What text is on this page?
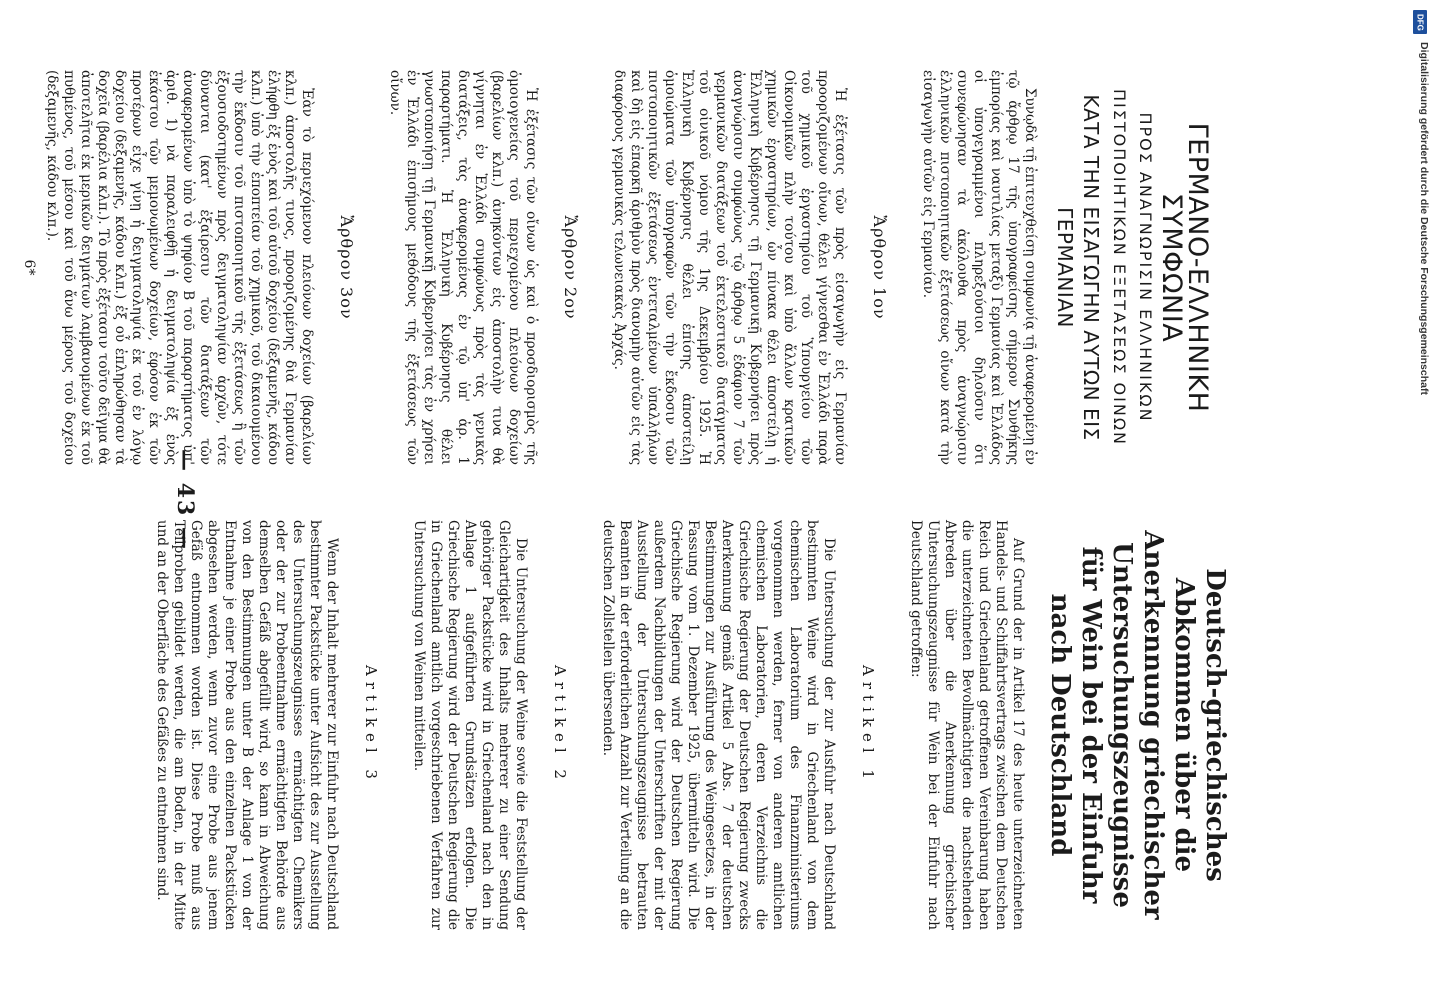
— 43 —
ΓΕΡΜΑΝΟ-ΕΛΛΗΝΙΚΗ ΣΥΜΦΩΝΙΑ
ΠΡΟΣ ΑΝΑΓΝΩΡΙΣΙΝ ΕΛΛΗΝΙΚΩΝ ΠΙΣΤΟΠΟΙΗΤΙΚΩΝ ΕΞΕΤΑΣΕΩΣ ΟΙΝΩΝ
ΚΑΤΑ ΤΗΝ ΕΙΣΑΓΩΓΗΝ ΑΥΤΩΝ ΕΙΣ ΓΕΡΜΑΝΙΑΝ

Συνῳδὰ τῇ ἐπιτευχθείσῃ συμφωνίᾳ τῇ ἀναφερομένῃ ἐν τῷ ἄρθρῳ 17 τῆς ὑπογραφείσης σήμερον Συνθήκης ἐμπορίας καὶ ναυτιλίας μεταξὺ Γερμανίας καὶ Ἑλλάδος οἱ ὑπογεγραμμένοι πληρεξούσιοι δηλοῦσιν ὅτι συνεφώνησαν τὰ ἀκόλουθα πρὸς ἀναγνώρισιν ἑλληνικῶν πιστοποιητικῶν ἐξετάσεως οἴνων κατὰ τὴν εἰσαγωγὴν αὐτῶν εἰς Γερμανίαν.

Ἄρθρον 1ον

Ἡ ἐξέτασις τῶν πρὸς εἰσαγωγὴν εἰς Γερμανίαν προοριζομένων οἴνων, θέλει γίγνεσθαι ἐν Ἑλλάδι παρὰ τοῦ χημικοῦ ἐργαστηρίου τοῦ Ὑπουργείου τῶν Οἰκονομικῶν πλὴν τούτου καὶ ὑπὸ ἄλλων κρατικῶν χημικῶν ἐργαστηρίων, ὧν πίνακα θέλει ἀποστείλῃ ἡ Ἑλληνικὴ Κυβέρνησις τῇ Γερμανικῇ Κυβερνήσει πρὸς ἀναγνώρισιν συμφώνως τῷ ἄρθρῳ 5 ἐδάφιον 7 τῶν γερμανικῶν διατάξεων τοῦ ἐκτελεστικοῦ διατάγματος τοῦ οἰνικοῦ νόμου τῆς 1ης Δεκεμβρίου 1925. Ἡ Ἑλληνικὴ Κυβέρνησις θέλει ἐπίσης ἀποστείλῃ ὁμοιώματα τῶν ὑπογραφῶν τῶν τὴν ἔκδοσιν τῶν πιστοποιητικῶν ἐξετάσεως ἐντεταλμένων ὑπαλλήλων καὶ δὴ εἰς ἐπαρκῆ ἀριθμὸν πρὸς διανομὴν αὐτῶν εἰς τὰς διαφόρους γερμανικὰς τελωνειακὰς Ἀρχάς.

Ἄρθρον 2ον

Ἡ ἐξέτασις τῶν οἴνων ὡς καὶ ὁ προσδιορισμὸς τῆς ὁμοιογενείας τοῦ περιεχομένου πλειόνων δοχείων (βαρελίων κλπ.) ἀνηκόντων εἰς ἀποστολὴν τινα θὰ γίγνηται ἐν Ἑλλάδι συμφώνως πρὸς τὰς γενικὰς διατάξεις, τὰς ἀναφερομένας ἐν τῷ ὑπ' ἀρ. 1 παραρτήματι. Ἡ Ἑλληνικὴ Κυβέρνησις θέλει γνωστοποιήσῃ τῇ Γερμανικῇ Κυβερνήσει τὰς ἐν χρήσει ἐν Ἑλλάδι ἐπισήμους μεθόδους τῆς ἐξετάσεως τῶν οἴνων.

Ἄρθρον 3ον

Ἐὰν τὸ περιεχόμενον πλειόνων δοχείων (βαρελίων κλπ.) ἀποστολῆς τινος, προοριζομένης διὰ Γερμανίαν ἐλήφθη ἐξ ἑνὸς καὶ τοῦ αὐτοῦ δοχείου (δεξαμενῆς, κάδου κλπ.) ὑπὸ τὴν ἐποπτείαν τοῦ χημικοῦ, τοῦ δικαιουμένου τὴν ἔκδοσιν τοῦ πιστοποιητικοῦ τῆς ἐξετάσεως ἢ τῶν ἐξουσιοδοτημένων πρὸς δειγματοληψίαν ἀρχῶν, τότε δύνανται (κατ' ἐξαίρεσιν τῶν διατάξεων τῶν ἀναφερομένων ὑπὸ τὸ ψηφίον Β τοῦ παραρτήματος ὑπ' ἀριθ. 1) νὰ παραλειφθῇ ἡ δειγματοληψία ἐξ ἑνὸς ἑκάστου τῶν μεμονωμένων δοχείων, ἐφόσον ἐκ τῶν προτέρων εἶχε γίνῃ ἡ δειγματοληψία ἐκ τοῦ ἐν λόγῳ δοχείου (δεξαμενῆς, κάδου κλπ.) ἐξ οὗ ἐπληρώθησαν τὰ δοχεῖα (βαρέλια κλπ.). Τὸ πρὸς ἐξέτασιν τοῦτο δεῖγμα θὰ ἀποτελῆται ἐκ μερικῶν δειγμάτων λαμβανομένων ἐκ τοῦ πυθμένος, τοῦ μέσου καὶ τοῦ ἄνω μέρους τοῦ δοχείου (δεξαμενῆς, κάδου κλπ.).

6*
Deutsch-griechisches Abkommen über die Anerkennung griechischer Untersuchungszeugnisse für Wein bei der Einfuhr nach Deutschland

Auf Grund der in Artikel 17 des heute unterzeichneten Handels- und Schiffahrtsvertrags zwischen dem Deutschen Reich und Griechenland getroffenen Vereinbarung haben die unterzeichneten Bevollmächtigten die nachstehenden Abreden über die Anerkennung griechischer Untersuchungszeugnisse für Wein bei der Einfuhr nach Deutschland getroffen:

Artikel 1

Die Untersuchung der zur Ausfuhr nach Deutschland bestimmten Weine wird in Griechenland von dem chemischen Laboratorium des Finanzministeriums vorgenommen werden, ferner von anderen amtlichen chemischen Laboratorien, deren Verzeichnis die Griechische Regierung der Deutschen Regierung zwecks Anerkennung gemäß Artikel 5 Abs. 7 der deutschen Bestimmungen zur Ausführung des Weingesetzes, in der Fassung vom 1. Dezember 1925, übermitteln wird. Die Griechische Regierung wird der Deutschen Regierung außerdem Nachbildungen der Unterschriften der mit der Ausstellung der Untersuchungszeugnisse betrauten Beamten in der erforderlichen Anzahl zur Verteilung an die deutschen Zollstellen übersenden.

Artikel 2

Die Untersuchung der Weine sowie die Feststellung der Gleichartigkeit des Inhalts mehrerer zu einer Sendung gehöriger Packstücke wird in Griechenland nach den in Anlage 1 aufgeführten Grundsätzen erfolgen. Die Griechische Regierung wird der Deutschen Regierung die in Griechenland amtlich vorgeschriebenen Verfahren zur Untersuchung von Weinen mitteilen.

Artikel 3

Wenn der Inhalt mehrerer zur Einfuhr nach Deutschland bestimmter Packstücke unter Aufsicht des zur Ausstellung des Untersuchungszeugnisses ermächtigten Chemikers oder der zur Probeentnahme ermächtigten Behörde aus demselben Gefäß abgefüllt wird, so kann in Abweichung von den Bestimmungen unter B der Anlage 1 von der Entnahme je einer Probe aus den einzelnen Packstücken abgesehen werden, wenn zuvor eine Probe aus jenem Gefäß entnommen worden ist. Diese Probe muß aus Teilproben gebildet werden, die am Boden, in der Mitte und an der Oberfläche des Gefäßes zu entnehmen sind.

DFG
Digitalisierung gefördert durch die Deutsche Forschungsgemeinschaft
